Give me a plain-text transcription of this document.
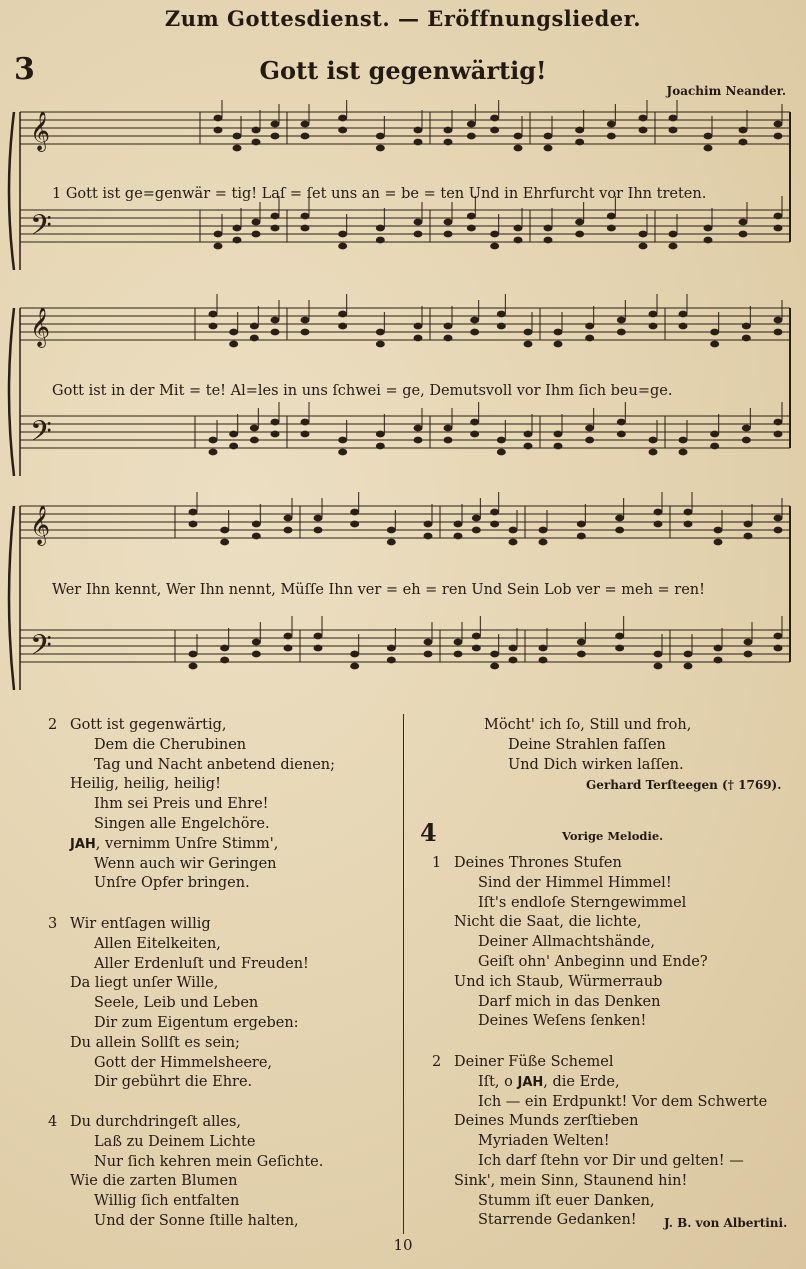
Zum Gottesdienst. — Eröffnungslieder.
3	Gott ist gegenwärtig!
Joachim Neander.
𝄞
𝄢
𝄞
𝄢
𝄞
𝄢
1 Gott ist ge=genwär = tig! Laſ = ſet uns an = be = ten Und in Ehrfurcht vor Ihn treten.
Gott ist in der Mit = te! Al=les in uns ſchwei = ge, Demutsvoll vor Ihm ſich beu=ge.
Wer Ihn kennt, Wer Ihn nennt, Müſſe Ihn ver = eh = ren Und Sein Lob ver = meh = ren!
2 Gott ist gegenwärtig,
Dem die Cherubinen
Tag und Nacht anbetend dienen;
Heilig, heilig, heilig!
Ihm sei Preis und Ehre!
Singen alle Engelchöre.
JAH, vernimm Unſre Stimm',
Wenn auch wir Geringen
Unſre Opfer bringen.
3 Wir entſagen willig
Allen Eitelkeiten,
Aller Erdenluſt und Freuden!
Da liegt unſer Wille,
Seele, Leib und Leben
Dir zum Eigentum ergeben:
Du allein Sollſt es sein;
Gott der Himmelsheere,
Dir gebührt die Ehre.
4 Du durchdringeſt alles,
Laß zu Deinem Lichte
Nur ſich kehren mein Geſichte.
Wie die zarten Blumen
Willig ſich entfalten
Und der Sonne ſtille halten,
Möcht' ich ſo, Still und froh,
Deine Strahlen faſſen
Und Dich wirken laſſen.
Gerhard Terſteegen († 1769).
4	Vorige Melodie.
1 Deines Thrones Stufen
Sind der Himmel Himmel!
Iſt's endloſe Sterngewimmel
Nicht die Saat, die lichte,
Deiner Allmachtshände,
Geiſt ohn' Anbeginn und Ende?
Und ich Staub, Würmerraub
Darf mich in das Denken
Deines Weſens ſenken!
2 Deiner Füße Schemel
Iſt, o JAH, die Erde,
Ich — ein Erdpunkt! Vor dem Schwerte
Deines Munds zerſtieben
Myriaden Welten!
Ich darf ſtehn vor Dir und gelten! —
Sink', mein Sinn, Staunend hin!
Stumm iſt euer Danken,
Starrende Gedanken!	J. B. von Albertini.
10
